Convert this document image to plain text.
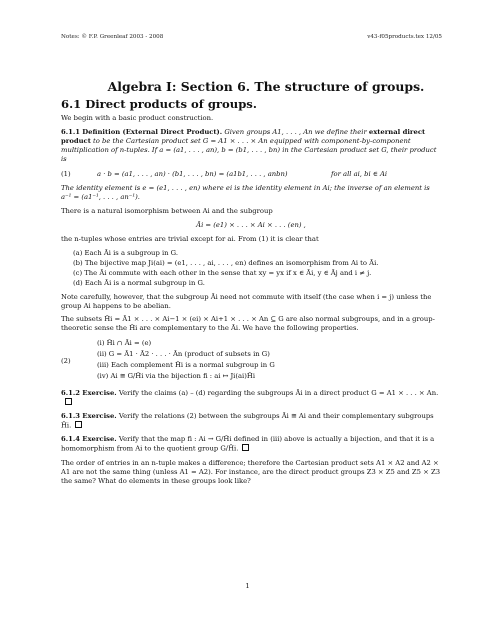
Notes: © F.P. Greenleaf 2003 - 2008	v43-f05products.tex 12/05
Algebra I: Section 6. The structure of groups.
6.1 Direct products of groups.

We begin with a basic product construction.

6.1.1 Definition (External Direct Product). Given groups A1, . . . , An we define their external direct product to be the Cartesian product set G = A1 × . . . × An equipped with component-by-component multiplication of n-tuples. If a = (a1, . . . , an), b = (b1, . . . , bn) in the Cartesian product set G, their product is

(1)	a · b = (a1, . . . , an) · (b1, . . . , bn) = (a1b1, . . . , anbn)	for all ai, bi ∈ Ai

The identity element is e = (e1, . . . , en) where ei is the identity element in Ai; the inverse of an element is a⁻¹ = (a1⁻¹, . . . , an⁻¹).

There is a natural isomorphism between Ai and the subgroup

Āi = (e1) × . . . × Ai × . . . (en) ,

the n-tuples whose entries are trivial except for ai. From (1) it is clear that

(a) Each Āi is a subgroup in G.
(b) The bijective map Ji(ai) = (e1, . . . , ai, . . . , en) defines an isomorphism from Ai to Āi.
(c) The Āi commute with each other in the sense that xy = yx if x ∈ Āi, y ∈ Āj and i ≠ j.
(d) Each Āi is a normal subgroup in G.

Note carefully, however, that the subgroup Āi need not commute with itself (the case when i = j) unless the group Ai happens to be abelian.

The subsets H̄i = Ā1 × . . . × Ai−1 × (ei) × Ai+1 × . . . × An ⊆ G are also normal subgroups, and in a group-theoretic sense the H̄i are complementary to the Āi. We have the following properties.

(2)
(i) H̄i ∩ Āi = (e)
(ii) G = Ā1 · Ā2 · . . . · Ān (product of subsets in G)
(iii) Each complement H̄i is a normal subgroup in G
(iv) Ai ≅ G/H̄i via the bijection fi : ai ↦ Ji(ai)H̄i

6.1.2 Exercise. Verify the claims (a) – (d) regarding the subgroups Āi in a direct product G = A1 × . . . × An.

6.1.3 Exercise. Verify the relations (2) between the subgroups Āi ≅ Ai and their complementary subgroups H̄i.

6.1.4 Exercise. Verify that the map fi : Ai → G/H̄i defined in (iii) above is actually a bijection, and that it is a homomorphism from Ai to the quotient group G/H̄i.

The order of entries in an n-tuple makes a difference; therefore the Cartesian product sets A1 × A2 and A2 × A1 are not the same thing (unless A1 = A2). For instance, are the direct product groups Z3 × Z5 and Z5 × Z3 the same? What do elements in these groups look like?

1
